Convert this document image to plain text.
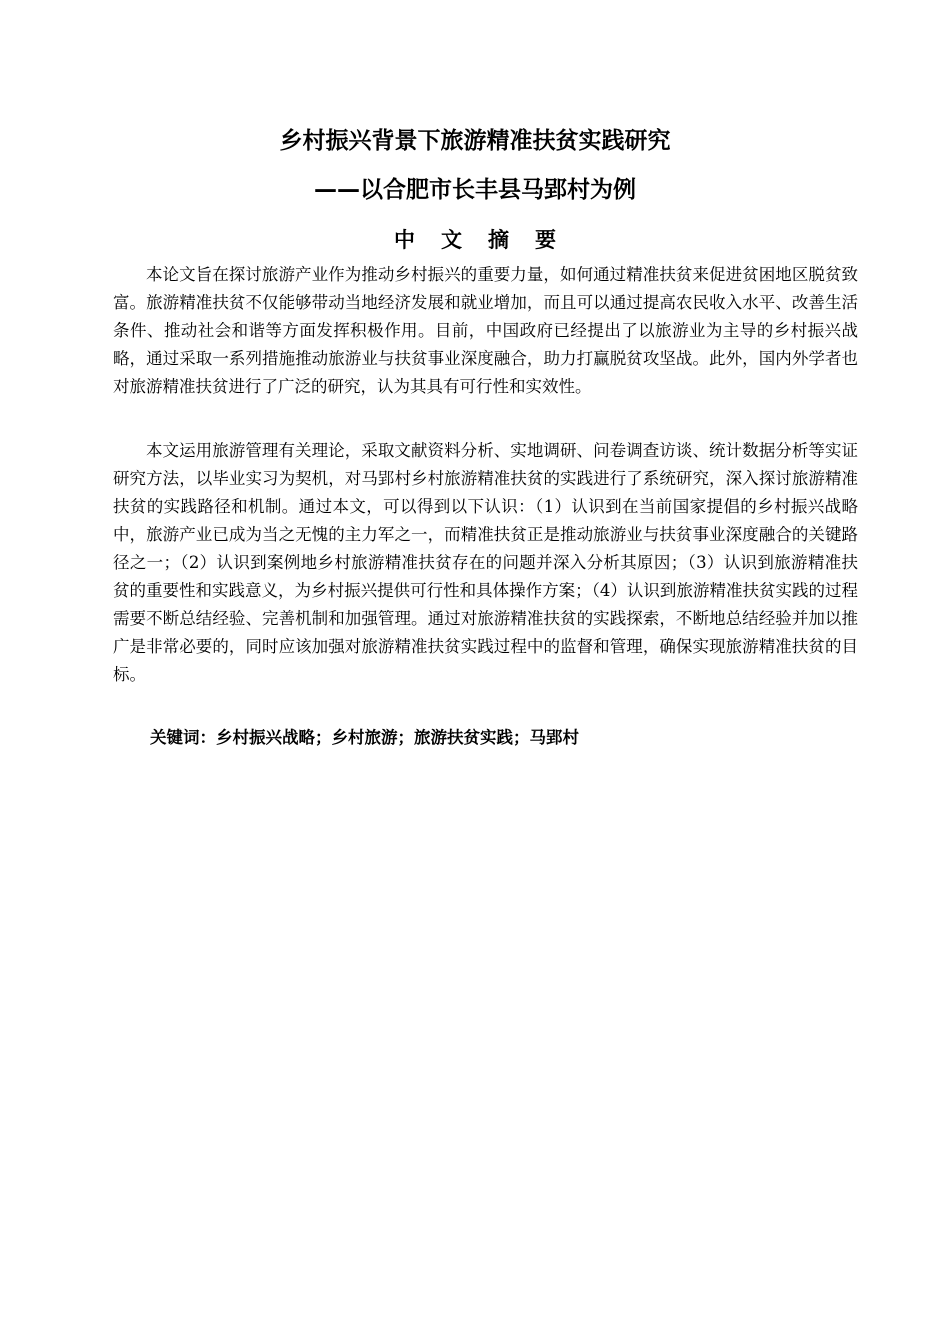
乡村振兴背景下旅游精准扶贫实践研究
——以合肥市长丰县马郢村为例
中文摘要

本论文旨在探讨旅游产业作为推动乡村振兴的重要力量，如何通过精准扶贫来促进贫困地区脱贫致富。旅游精准扶贫不仅能够带动当地经济发展和就业增加，而且可以通过提高农民收入水平、改善生活条件、推动社会和谐等方面发挥积极作用。目前，中国政府已经提出了以旅游业为主导的乡村振兴战略，通过采取一系列措施推动旅游业与扶贫事业深度融合，助力打赢脱贫攻坚战。此外，国内外学者也对旅游精准扶贫进行了广泛的研究，认为其具有可行性和实效性。

本文运用旅游管理有关理论，采取文献资料分析、实地调研、问卷调查访谈、统计数据分析等实证研究方法，以毕业实习为契机，对马郢村乡村旅游精准扶贫的实践进行了系统研究，深入探讨旅游精准扶贫的实践路径和机制。通过本文，可以得到以下认识：（1）认识到在当前国家提倡的乡村振兴战略中，旅游产业已成为当之无愧的主力军之一，而精准扶贫正是推动旅游业与扶贫事业深度融合的关键路径之一；（2）认识到案例地乡村旅游精准扶贫存在的问题并深入分析其原因；（3）认识到旅游精准扶贫的重要性和实践意义，为乡村振兴提供可行性和具体操作方案；（4）认识到旅游精准扶贫实践的过程需要不断总结经验、完善机制和加强管理。通过对旅游精准扶贫的实践探索，不断地总结经验并加以推广是非常必要的，同时应该加强对旅游精准扶贫实践过程中的监督和管理，确保实现旅游精准扶贫的目标。

关键词：乡村振兴战略；乡村旅游；旅游扶贫实践；马郢村
